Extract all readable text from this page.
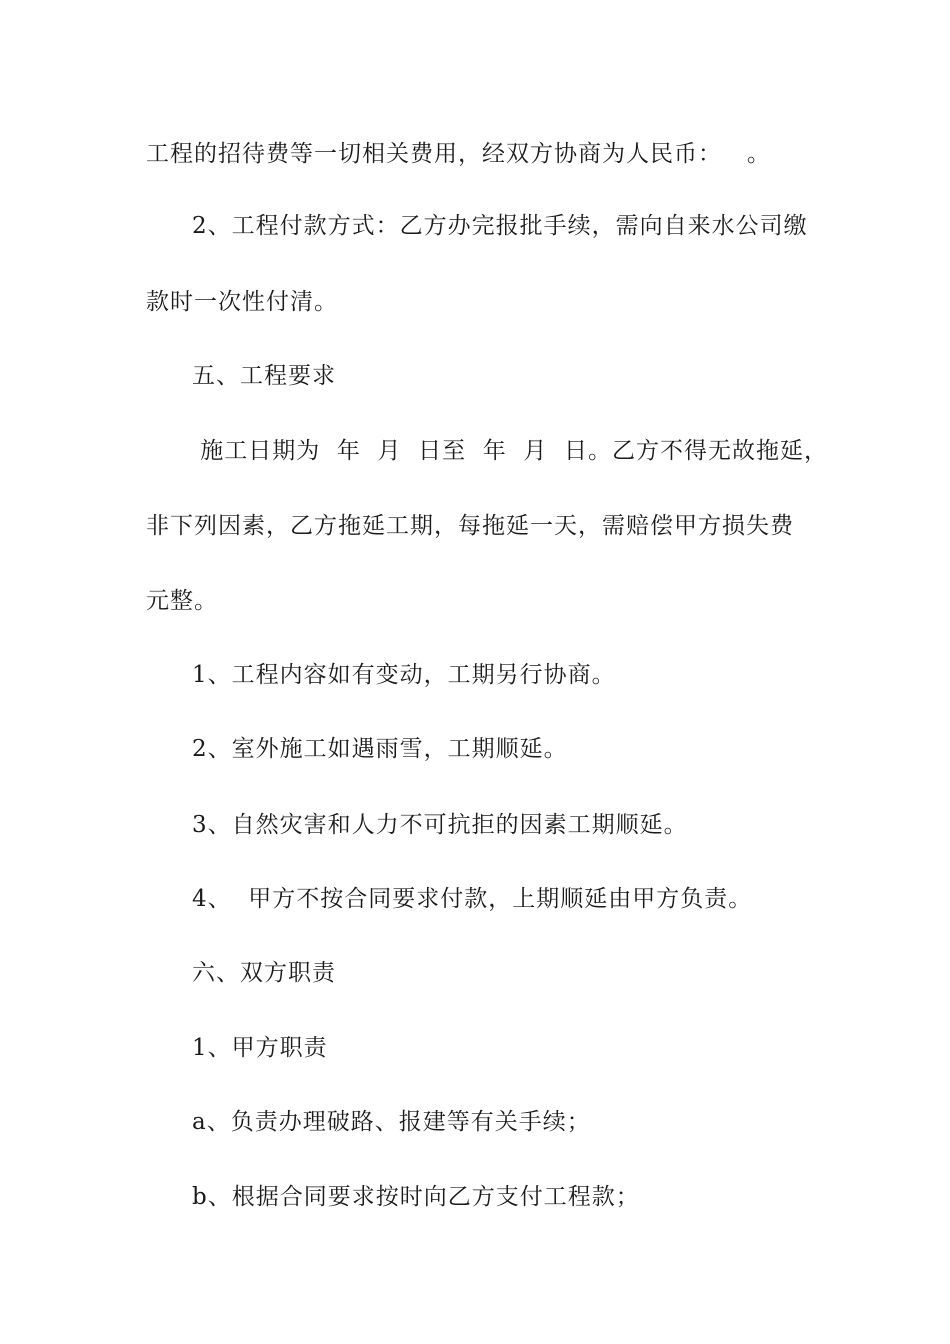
工程的招待费等一切相关费用，经双方协商为人民币：   。
2、工程付款方式：乙方办完报批手续，需向自来水公司缴
款时一次性付清。
五、工程要求
施工日期为  年  月  日至  年  月  日。乙方不得无故拖延，
非下列因素，乙方拖延工期，每拖延一天，需赔偿甲方损失费
元整。
1、工程内容如有变动，工期另行协商。
2、室外施工如遇雨雪，工期顺延。
3、自然灾害和人力不可抗拒的因素工期顺延。
4、  甲方不按合同要求付款，上期顺延由甲方负责。
六、双方职责
1、甲方职责
a、负责办理破路、报建等有关手续；
b、根据合同要求按时向乙方支付工程款；
